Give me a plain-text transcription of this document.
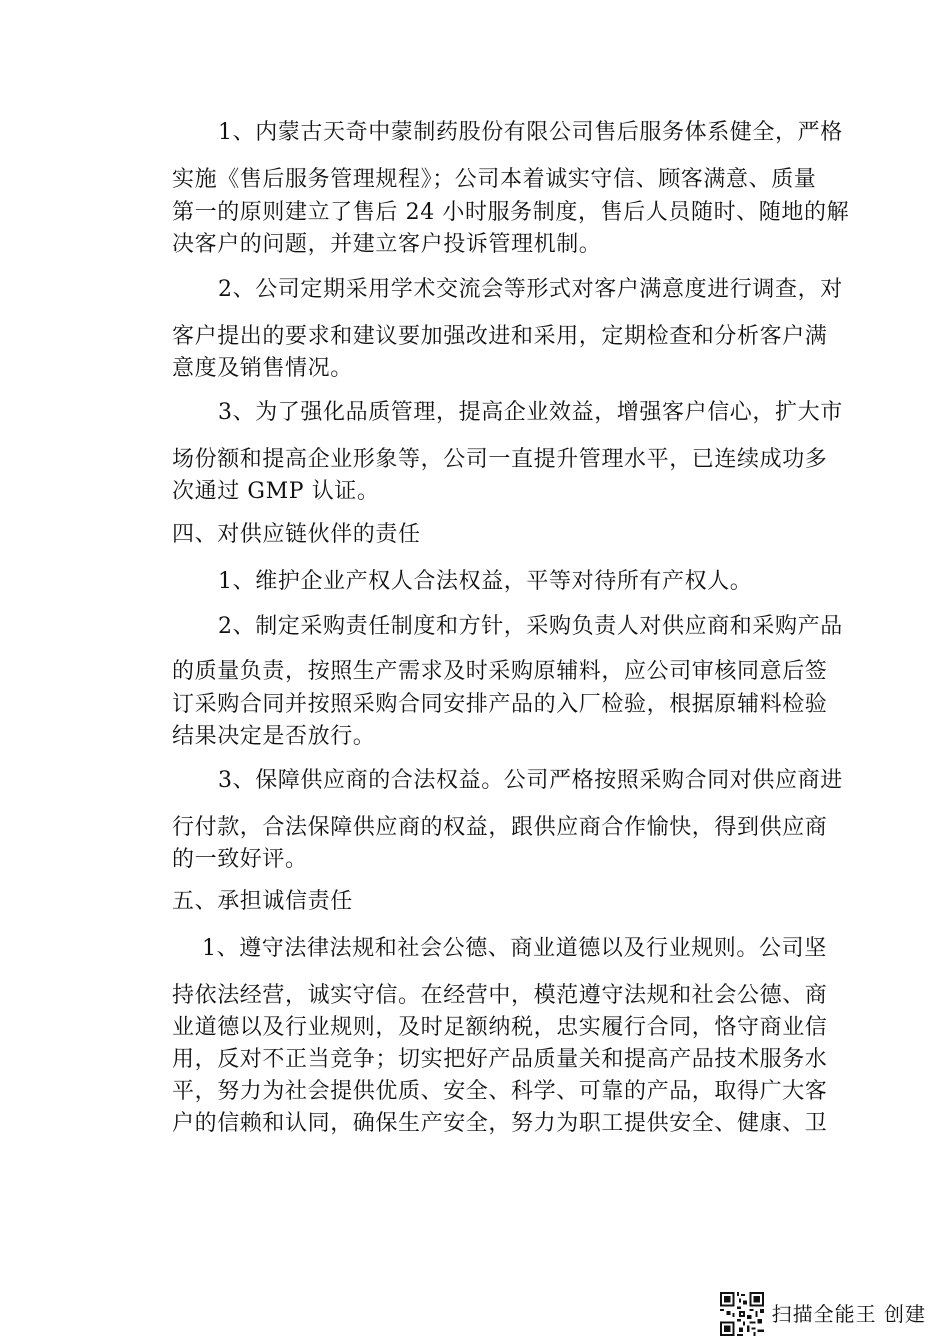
1、内蒙古天奇中蒙制药股份有限公司售后服务体系健全，严格
实施《售后服务管理规程》；公司本着诚实守信、顾客满意、质量
第一的原则建立了售后 24 小时服务制度，售后人员随时、随地的解
决客户的问题，并建立客户投诉管理机制。
2、公司定期采用学术交流会等形式对客户满意度进行调查，对
客户提出的要求和建议要加强改进和采用，定期检查和分析客户满
意度及销售情况。
3、为了强化品质管理，提高企业效益，增强客户信心，扩大市
场份额和提高企业形象等，公司一直提升管理水平，已连续成功多
次通过 GMP 认证。
四、对供应链伙伴的责任
1、维护企业产权人合法权益，平等对待所有产权人。
2、制定采购责任制度和方针，采购负责人对供应商和采购产品
的质量负责，按照生产需求及时采购原辅料，应公司审核同意后签
订采购合同并按照采购合同安排产品的入厂检验，根据原辅料检验
结果决定是否放行。
3、保障供应商的合法权益。公司严格按照采购合同对供应商进
行付款，合法保障供应商的权益，跟供应商合作愉快，得到供应商
的一致好评。
五、承担诚信责任
1、遵守法律法规和社会公德、商业道德以及行业规则。公司坚
持依法经营，诚实守信。在经营中，模范遵守法规和社会公德、商
业道德以及行业规则，及时足额纳税，忠实履行合同，恪守商业信
用，反对不正当竞争；切实把好产品质量关和提高产品技术服务水
平，努力为社会提供优质、安全、科学、可靠的产品，取得广大客
户的信赖和认同，确保生产安全，努力为职工提供安全、健康、卫
扫描全能王 创建
